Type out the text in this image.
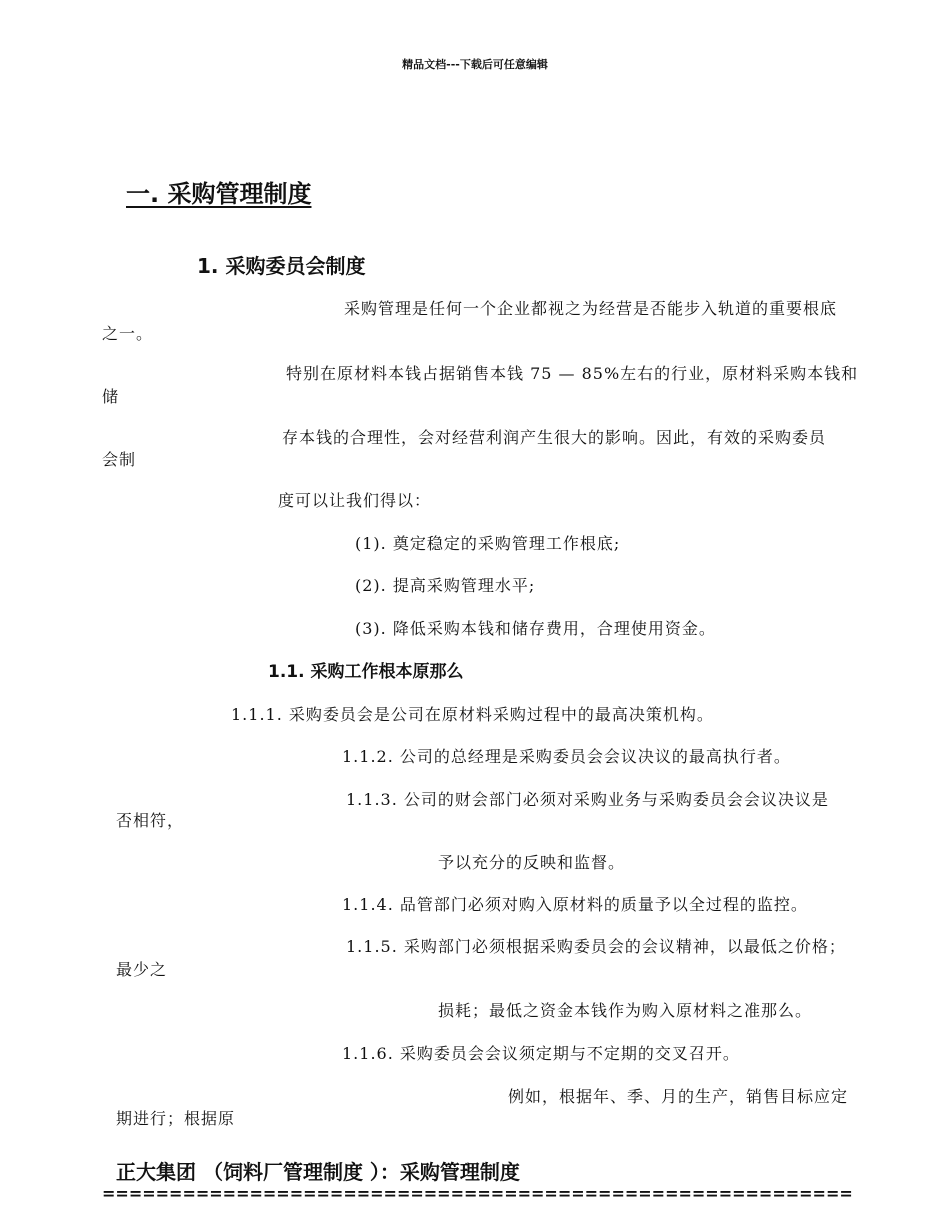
精品文档---下载后可任意编辑
一. 采购管理制度
1. 采购委员会制度
采购管理是任何一个企业都视之为经营是否能步入轨道的重要根底
之一。
特别在原材料本钱占据销售本钱 75 — 85%左右的行业，原材料采购本钱和
储
存本钱的合理性，会对经营利润产生很大的影响。因此，有效的采购委员
会制
度可以让我们得以：
(1). 奠定稳定的采购管理工作根底;
(2). 提高采购管理水平;
(3). 降低采购本钱和储存费用，合理使用资金。
1.1. 采购工作根本原那么
1.1.1. 采购委员会是公司在原材料采购过程中的最高决策机构。
1.1.2. 公司的总经理是采购委员会会议决议的最高执行者。
1.1.3. 公司的财会部门必须对采购业务与采购委员会会议决议是
否相符，
予以充分的反映和监督。
1.1.4. 品管部门必须对购入原材料的质量予以全过程的监控。
1.1.5. 采购部门必须根据采购委员会的会议精神，以最低之价格；
最少之
损耗；最低之资金本钱作为购入原材料之准那么。
1.1.6. 采购委员会会议须定期与不定期的交叉召开。
例如，根据年、季、月的生产，销售目标应定
期进行；根据原
正大集团 （饲料厂管理制度 ）：采购管理制度
========================================================
